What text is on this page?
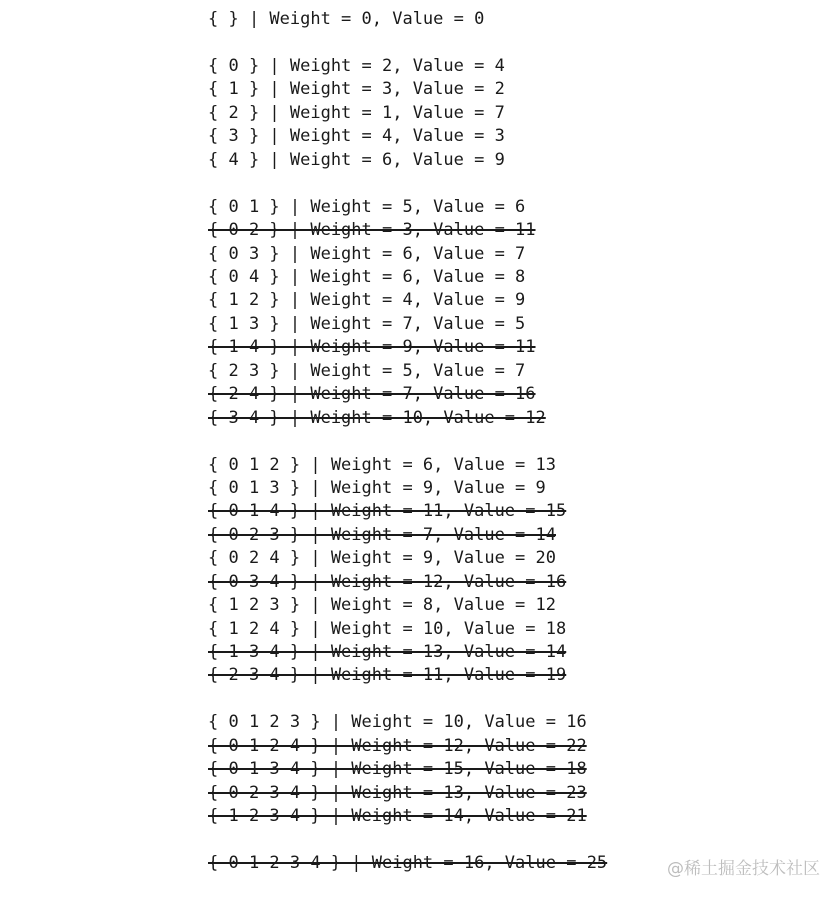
{ } | Weight = 0, Value = 0
{ 0 } | Weight = 2, Value = 4
{ 1 } | Weight = 3, Value = 2
{ 2 } | Weight = 1, Value = 7
{ 3 } | Weight = 4, Value = 3
{ 4 } | Weight = 6, Value = 9
{ 0 1 } | Weight = 5, Value = 6
{ 0 2 } | Weight = 3, Value = 11
{ 0 3 } | Weight = 6, Value = 7
{ 0 4 } | Weight = 6, Value = 8
{ 1 2 } | Weight = 4, Value = 9
{ 1 3 } | Weight = 7, Value = 5
{ 1 4 } | Weight = 9, Value = 11
{ 2 3 } | Weight = 5, Value = 7
{ 2 4 } | Weight = 7, Value = 16
{ 3 4 } | Weight = 10, Value = 12
{ 0 1 2 } | Weight = 6, Value = 13
{ 0 1 3 } | Weight = 9, Value = 9
{ 0 1 4 } | Weight = 11, Value = 15
{ 0 2 3 } | Weight = 7, Value = 14
{ 0 2 4 } | Weight = 9, Value = 20
{ 0 3 4 } | Weight = 12, Value = 16
{ 1 2 3 } | Weight = 8, Value = 12
{ 1 2 4 } | Weight = 10, Value = 18
{ 1 3 4 } | Weight = 13, Value = 14
{ 2 3 4 } | Weight = 11, Value = 19
{ 0 1 2 3 } | Weight = 10, Value = 16
{ 0 1 2 4 } | Weight = 12, Value = 22
{ 0 1 3 4 } | Weight = 15, Value = 18
{ 0 2 3 4 } | Weight = 13, Value = 23
{ 1 2 3 4 } | Weight = 14, Value = 21
{ 0 1 2 3 4 } | Weight = 16, Value = 25	@稀土掘金技术社区
